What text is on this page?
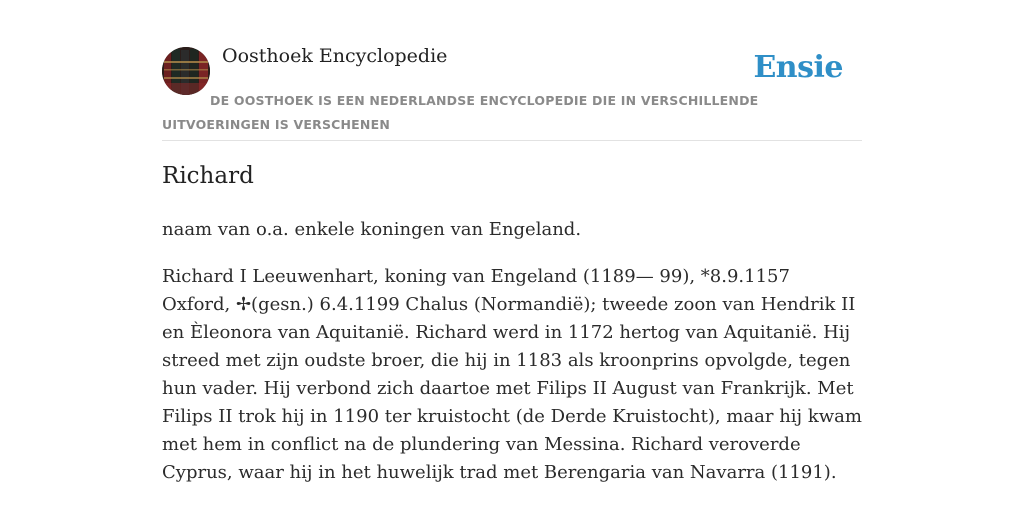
Oosthoek Encyclopedie	Ensie
DE OOSTHOEK IS EEN NEDERLANDSE ENCYCLOPEDIE DIE IN VERSCHILLENDE UITVOERINGEN IS VERSCHENEN
Richard

naam van o.a. enkele koningen van Engeland.

Richard I Leeuwenhart, koning van Engeland (1189— 99), *8.9.1157 Oxford, ✢(gesn.) 6.4.1199 Chalus (Normandië); tweede zoon van Hendrik II en Èleonora van Aquitanië. Richard werd in 1172 hertog van Aquitanië. Hij streed met zijn oudste broer, die hij in 1183 als kroonprins opvolgde, tegen hun vader. Hij verbond zich daartoe met Filips II August van Frankrijk. Met Filips II trok hij in 1190 ter kruistocht (de Derde Kruistocht), maar hij kwam met hem in conflict na de plundering van Messina. Richard veroverde Cyprus, waar hij in het huwelijk trad met Berengaria van Navarra (1191).
